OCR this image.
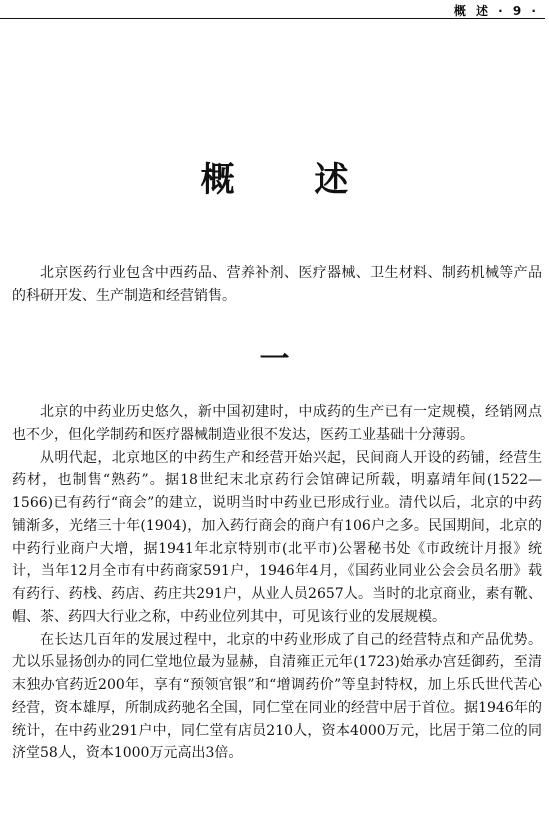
概 述 · 9 ·
概 述

北京医药行业包含中西药品、营养补剂、医疗器械、卫生材料、制药机械等产品的科研开发、生产制造和经营销售。

一

北京的中药业历史悠久，新中国初建时，中成药的生产已有一定规模，经销网点也不少，但化学制药和医疗器械制造业很不发达，医药工业基础十分薄弱。

从明代起，北京地区的中药生产和经营开始兴起，民间商人开设的药铺，经营生药材，也制售“熟药”。据18世纪末北京药行会馆碑记所载，明嘉靖年间(1522—1566)已有药行“商会”的建立，说明当时中药业已形成行业。清代以后，北京的中药铺渐多，光绪三十年(1904)，加入药行商会的商户有106户之多。民国期间，北京的中药行业商户大增，据1941年北京特别市(北平市)公署秘书处《市政统计月报》统计，当年12月全市有中药商家591户，1946年4月，《国药业同业公会会员名册》载有药行、药栈、药店、药庄共291户，从业人员2657人。当时的北京商业，素有靴、帽、茶、药四大行业之称，中药业位列其中，可见该行业的发展规模。

在长达几百年的发展过程中，北京的中药业形成了自己的经营特点和产品优势。尤以乐显扬创办的同仁堂地位最为显赫，自清雍正元年(1723)始承办宫廷御药，至清末独办官药近200年，享有“预领官银”和“增调药价”等皇封特权，加上乐氏世代苦心经营，资本雄厚，所制成药驰名全国，同仁堂在同业的经营中居于首位。据1946年的统计，在中药业291户中，同仁堂有店员210人，资本4000万元，比居于第二位的同济堂58人，资本1000万元高出3倍。
